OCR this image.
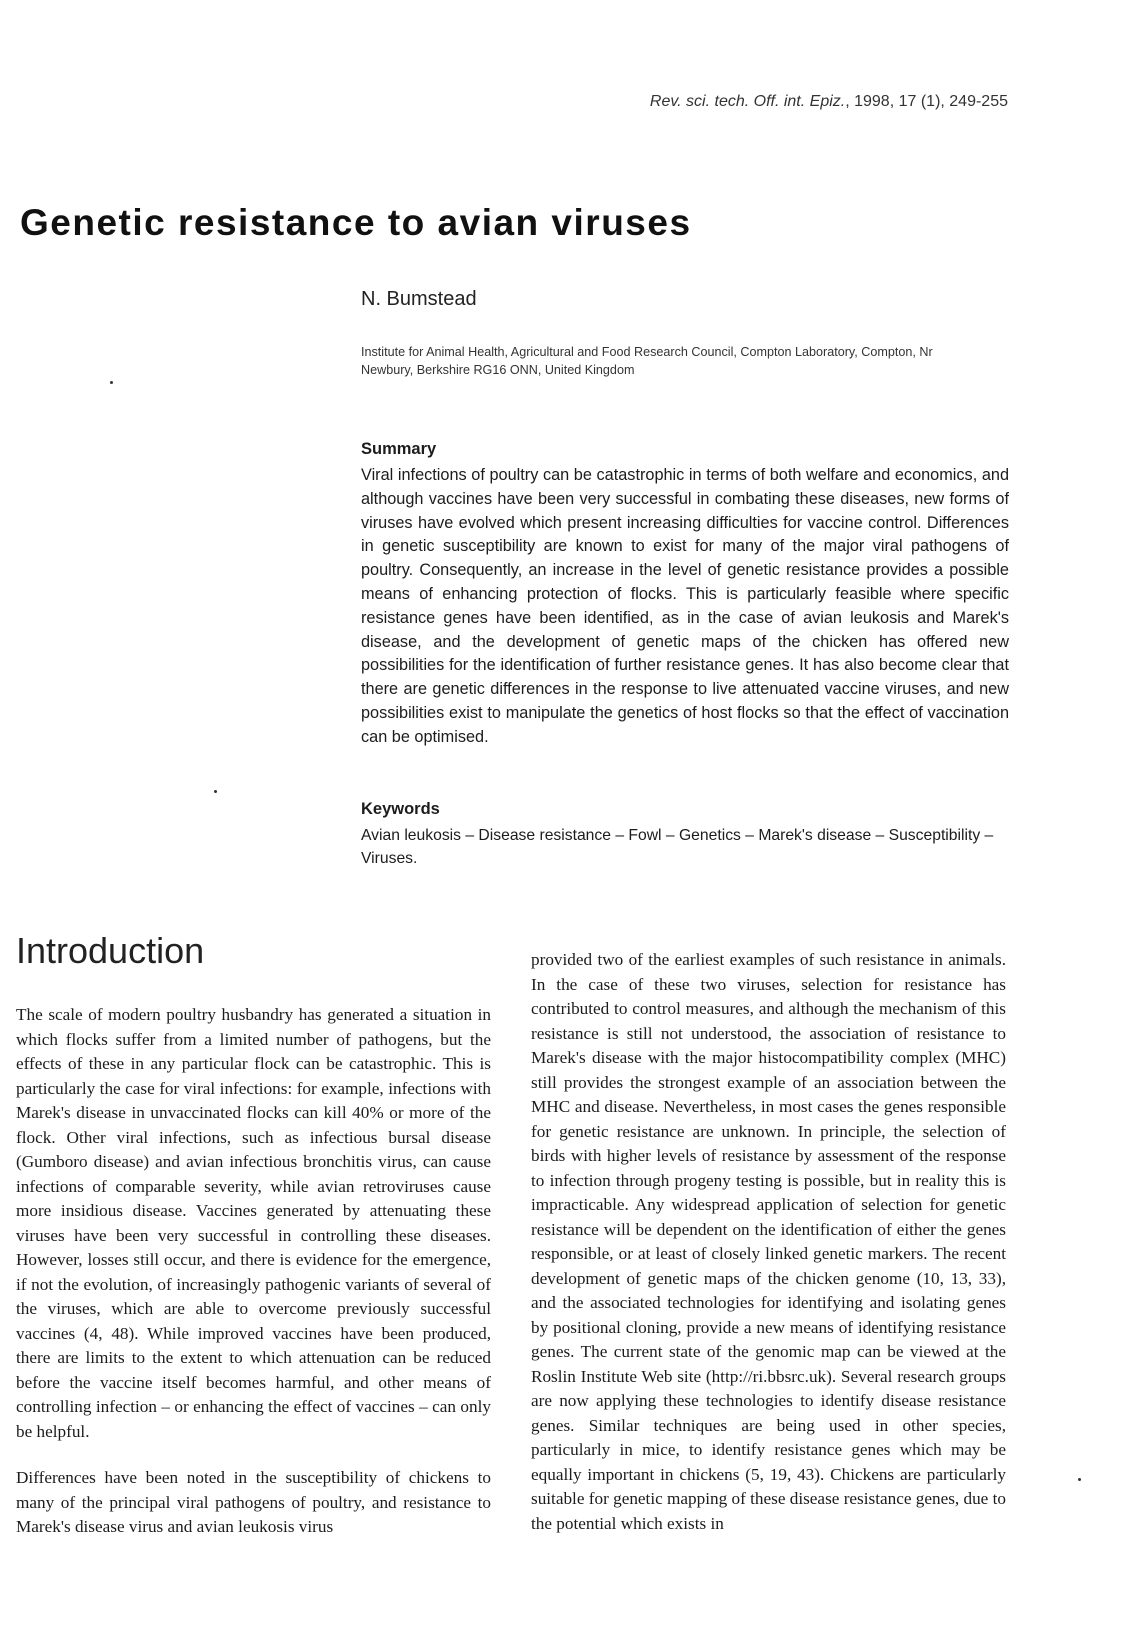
Rev. sci. tech. Off. int. Epiz., 1998, 17 (1), 249-255
Genetic resistance to avian viruses
N. Bumstead
Institute for Animal Health, Agricultural and Food Research Council, Compton Laboratory, Compton, Nr Newbury, Berkshire RG16 ONN, United Kingdom
Summary
Viral infections of poultry can be catastrophic in terms of both welfare and economics, and although vaccines have been very successful in combating these diseases, new forms of viruses have evolved which present increasing difficulties for vaccine control. Differences in genetic susceptibility are known to exist for many of the major viral pathogens of poultry. Consequently, an increase in the level of genetic resistance provides a possible means of enhancing protection of flocks. This is particularly feasible where specific resistance genes have been identified, as in the case of avian leukosis and Marek's disease, and the development of genetic maps of the chicken has offered new possibilities for the identification of further resistance genes. It has also become clear that there are genetic differences in the response to live attenuated vaccine viruses, and new possibilities exist to manipulate the genetics of host flocks so that the effect of vaccination can be optimised.
Keywords
Avian leukosis – Disease resistance – Fowl – Genetics – Marek's disease – Susceptibility – Viruses.
Introduction

The scale of modern poultry husbandry has generated a situation in which flocks suffer from a limited number of pathogens, but the effects of these in any particular flock can be catastrophic. This is particularly the case for viral infections: for example, infections with Marek's disease in unvaccinated flocks can kill 40% or more of the flock. Other viral infections, such as infectious bursal disease (Gumboro disease) and avian infectious bronchitis virus, can cause infections of comparable severity, while avian retroviruses cause more insidious disease. Vaccines generated by attenuating these viruses have been very successful in controlling these diseases. However, losses still occur, and there is evidence for the emergence, if not the evolution, of increasingly pathogenic variants of several of the viruses, which are able to overcome previously successful vaccines (4, 48). While improved vaccines have been produced, there are limits to the extent to which attenuation can be reduced before the vaccine itself becomes harmful, and other means of controlling infection – or enhancing the effect of vaccines – can only be helpful.

Differences have been noted in the susceptibility of chickens to many of the principal viral pathogens of poultry, and resistance to Marek's disease virus and avian leukosis virus

provided two of the earliest examples of such resistance in animals. In the case of these two viruses, selection for resistance has contributed to control measures, and although the mechanism of this resistance is still not understood, the association of resistance to Marek's disease with the major histocompatibility complex (MHC) still provides the strongest example of an association between the MHC and disease. Nevertheless, in most cases the genes responsible for genetic resistance are unknown. In principle, the selection of birds with higher levels of resistance by assessment of the response to infection through progeny testing is possible, but in reality this is impracticable. Any widespread application of selection for genetic resistance will be dependent on the identification of either the genes responsible, or at least of closely linked genetic markers. The recent development of genetic maps of the chicken genome (10, 13, 33), and the associated technologies for identifying and isolating genes by positional cloning, provide a new means of identifying resistance genes. The current state of the genomic map can be viewed at the Roslin Institute Web site (http://ri.bbsrc.uk). Several research groups are now applying these technologies to identify disease resistance genes. Similar techniques are being used in other species, particularly in mice, to identify resistance genes which may be equally important in chickens (5, 19, 43). Chickens are particularly suitable for genetic mapping of these disease resistance genes, due to the potential which exists in
